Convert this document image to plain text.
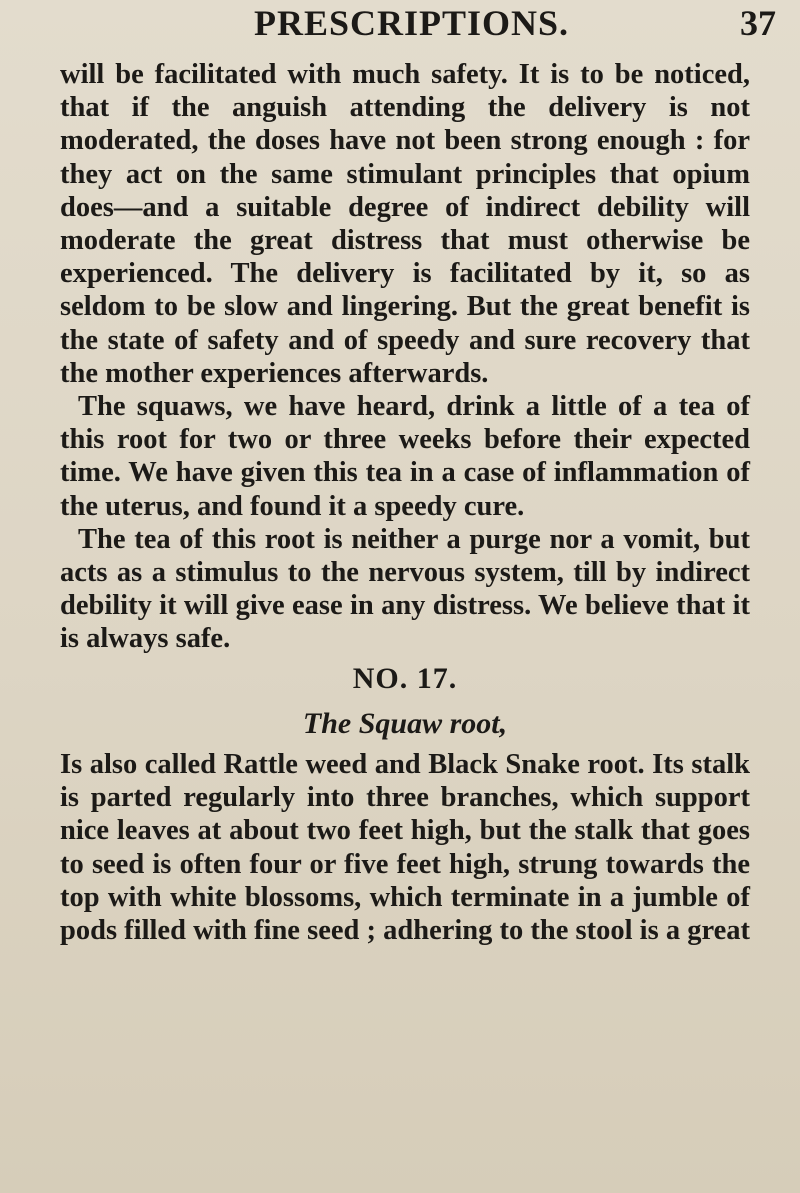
PRESCRIPTIONS.	37

will be facilitated with much safety. It is to be noticed, that if the anguish attending the delivery is not moderated, the doses have not been strong enough : for they act on the same stimulant principles that opium does—and a suitable degree of indirect debility will moderate the great distress that must otherwise be experienced. The delivery is facilitated by it, so as seldom to be slow and lingering. But the great benefit is the state of safety and of speedy and sure recovery that the mother experiences afterwards.

The squaws, we have heard, drink a little of a tea of this root for two or three weeks before their expected time. We have given this tea in a case of inflammation of the uterus, and found it a speedy cure.

The tea of this root is neither a purge nor a vomit, but acts as a stimulus to the nervous system, till by indirect debility it will give ease in any distress. We believe that it is always safe.

NO. 17.

The Squaw root,

Is also called Rattle weed and Black Snake root. Its stalk is parted regularly into three branches, which support nice leaves at about two feet high, but the stalk that goes to seed is often four or five feet high, strung towards the top with white blossoms, which terminate in a jumble of pods filled with fine seed ; adhering to the stool is a great
